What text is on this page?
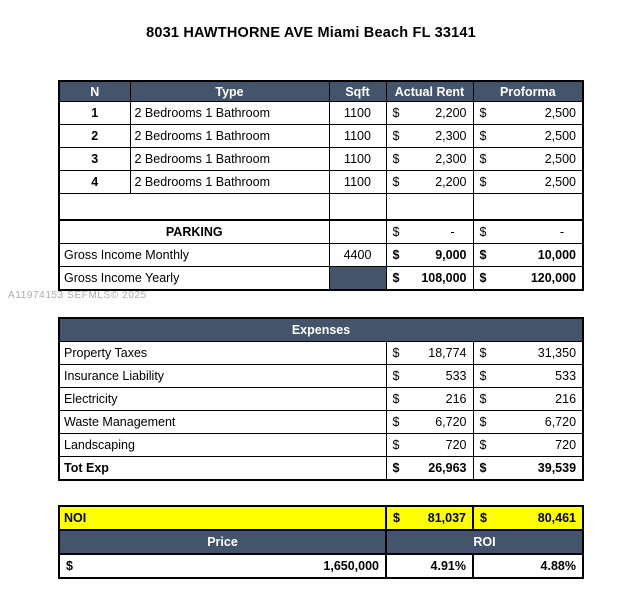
8031 HAWTHORNE AVE Miami Beach FL 33141
N	Type	Sqft	Actual Rent	Proforma
1	2 Bedrooms 1 Bathroom	1100	$ 2,200	$ 2,500

2	2 Bedrooms 1 Bathroom	1100	$ 2,300	$ 2,500

3	2 Bedrooms 1 Bathroom	1100	$ 2,300	$ 2,500

4	2 Bedrooms 1 Bathroom	1100	$ 2,200	$ 2,500

PARKING			$ -	$ -

Gross Income Monthly		4400	$ 9,000	$ 10,000

Gross Income Yearly			$ 108,000	$ 120,000
A11974153 SEFMLS© 2025
Expenses		
Property Taxes	$ 18,774	$ 31,350

Insurance Liability	$ 533	$ 533

Electricity	$ 216	$ 216

Waste Management	$ 6,720	$ 6,720

Landscaping	$ 720	$ 720

Tot Exp	$ 26,963	$ 39,539
NOI	$ 81,037	$ 80,461

Price	ROI	

$ 1,650,000	4.91%	4.88%
